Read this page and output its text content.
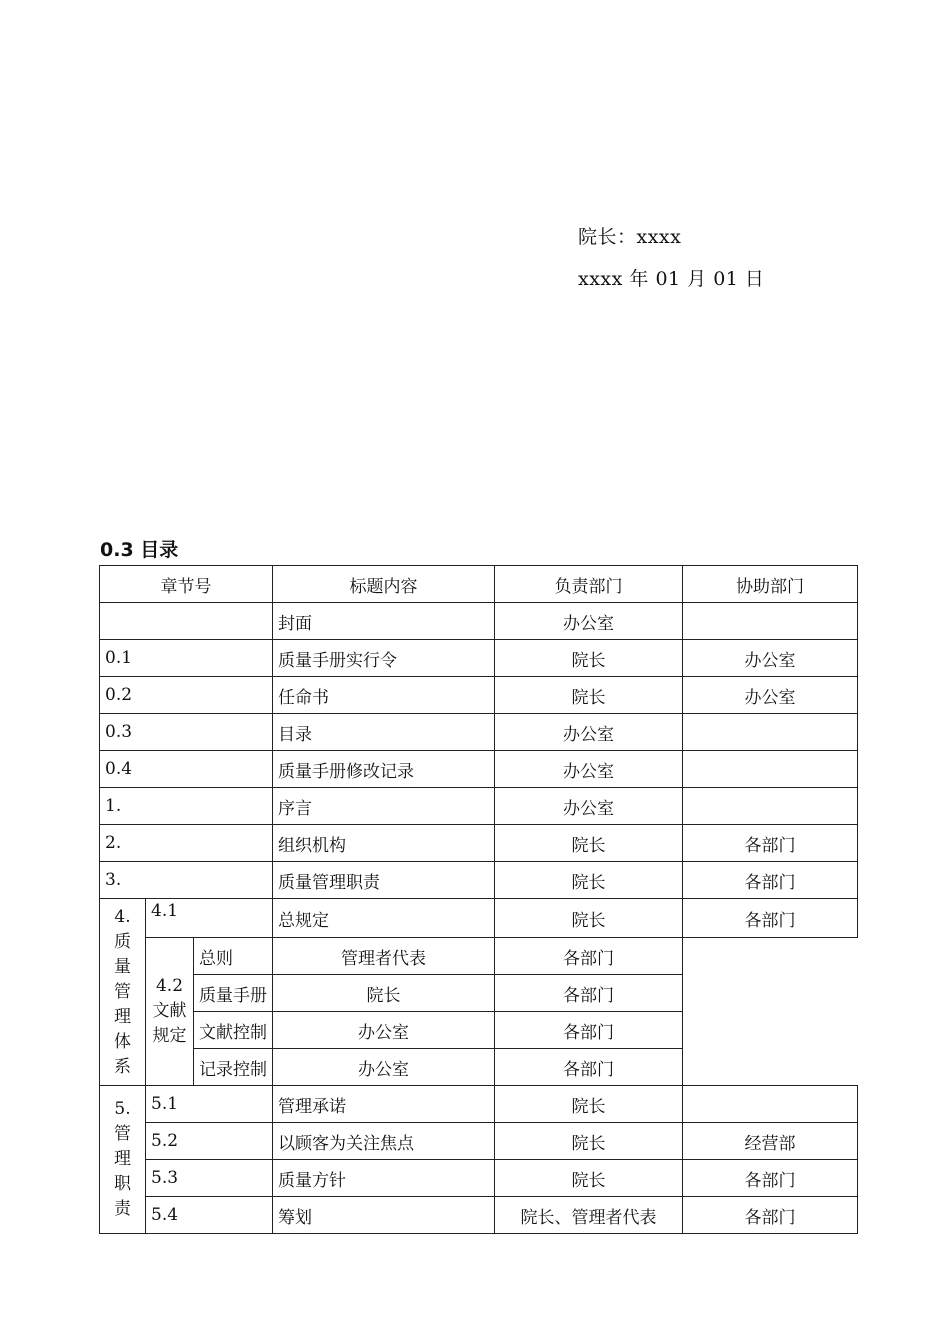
院长：xxxx
xxxx 年 01 月 01 日
0.3 目录
章节号			标题内容	负责部门	协助部门
			封面	办公室	
0.1			质量手册实行令	院长	办公室
0.2			任命书	院长	办公室
0.3			目录	办公室	
0.4			质量手册修改记录	办公室	
1.			序言	办公室	
2.			组织机构	院长	各部门
3.			质量管理职责	院长	各部门
4.质量管理体系	4.1		总规定	院长	各部门
	4.2 文献规定	总则	管理者代表	各部门	
		质量手册	院长	各部门	
		文献控制	办公室	各部门	
		记录控制	办公室	各部门	
5.管理职责	5.1		管理承诺	院长	
	5.2		以顾客为关注焦点	院长	经营部
	5.3		质量方针	院长	各部门
	5.4		筹划	院长、管理者代表	各部门
